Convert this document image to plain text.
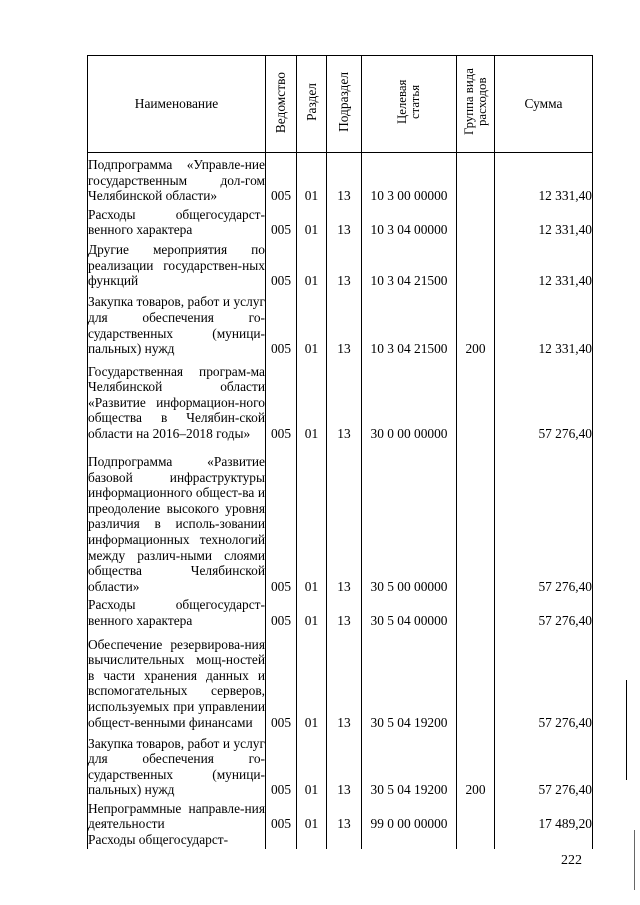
Наименование	Ведомство	Раздел	Подраздел	Целевая статья	Группа вида расходов	Сумма
Подпрограмма «Управле-ние государственным дол-гом Челябинской области»	005	01	13	10 3 00 00000		12 331,40
Расходы общегосударст-венного характера	005	01	13	10 3 04 00000		12 331,40
Другие мероприятия по реализации государствен-ных функций	005	01	13	10 3 04 21500		12 331,40
Закупка товаров, работ и услуг для обеспечения го-сударственных (муници-пальных) нужд	005	01	13	10 3 04 21500	200	12 331,40
Государственная програм-ма Челябинской области «Развитие информацион-ного общества в Челябин-ской области на 2016–2018 годы»	005	01	13	30 0 00 00000		57 276,40
Подпрограмма «Развитие базовой инфраструктуры информационного общест-ва и преодоление высокого уровня различия в исполь-зовании информационных технологий между различ-ными слоями общества Челябинской области»	005	01	13	30 5 00 00000		57 276,40
Расходы общегосударст-венного характера	005	01	13	30 5 04 00000		57 276,40
Обеспечение резервирова-ния вычислительных мощ-ностей в части хранения данных и вспомогательных серверов, используемых при управлении общест-венными финансами	005	01	13	30 5 04 19200		57 276,40
Закупка товаров, работ и услуг для обеспечения го-сударственных (муници-пальных) нужд	005	01	13	30 5 04 19200	200	57 276,40
Непрограммные направле-ния деятельности	005	01	13	99 0 00 00000		17 489,20
Расходы общегосударст-						
222
